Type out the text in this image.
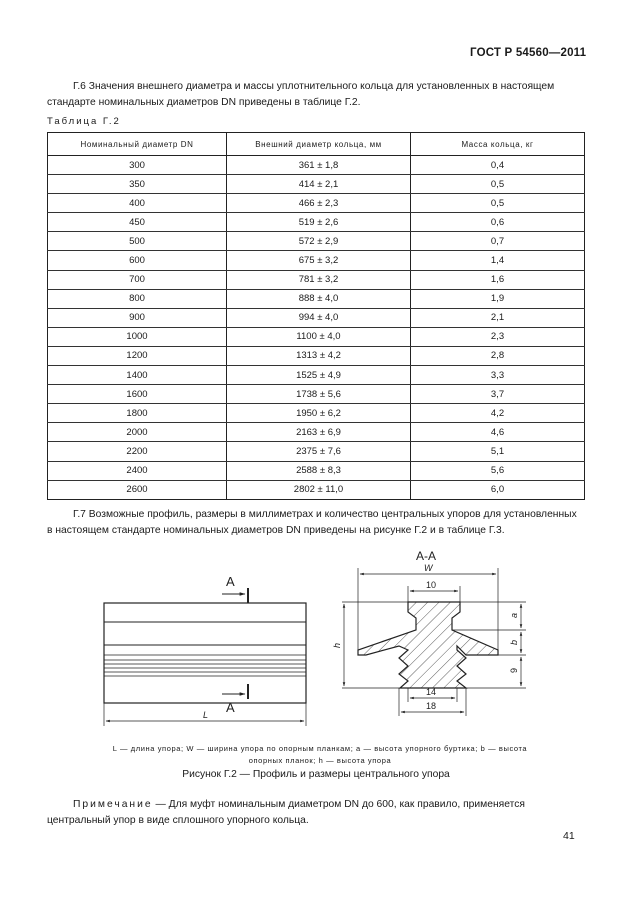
ГОСТ Р 54560—2011
Г.6 Значения внешнего диаметра и массы уплотнительного кольца для установленных в настоящем стандарте номинальных диаметров DN приведены в таблице Г.2.
Таблица Г.2
Номинальный диаметр DN	Внешний диаметр кольца, мм	Масса кольца, кг
300	361 ± 1,8	0,4
350	414 ± 2,1	0,5
400	466 ± 2,3	0,5
450	519 ± 2,6	0,6
500	572 ± 2,9	0,7
600	675 ± 3,2	1,4
700	781 ± 3,2	1,6
800	888 ± 4,0	1,9
900	994 ± 4,0	2,1
1000	1100 ± 4,0	2,3
1200	1313 ± 4,2	2,8
1400	1525 ± 4,9	3,3
1600	1738 ± 5,6	3,7
1800	1950 ± 6,2	4,2
2000	2163 ± 6,9	4,6
2200	2375 ± 7,6	5,1
2400	2588 ± 8,3	5,6
2600	2802 ± 11,0	6,0
Г.7 Возможные профиль, размеры в миллиметрах и количество центральных упоров для установленных в настоящем стандарте номинальных диаметров DN приведены на рисунке Г.2 и в таблице Г.3.
А
А
L
А-А
W
10
h
a
b
9
14
18
L — длина упора; W — ширина упора по опорным планкам; a — высота упорного буртика; b — высота
опорных планок; h — высота упора
Рисунок Г.2 — Профиль и размеры центрального упора
Примечание — Для муфт номинальным диаметром DN до 600, как правило, применяется центральный упор в виде сплошного упорного кольца.
41
